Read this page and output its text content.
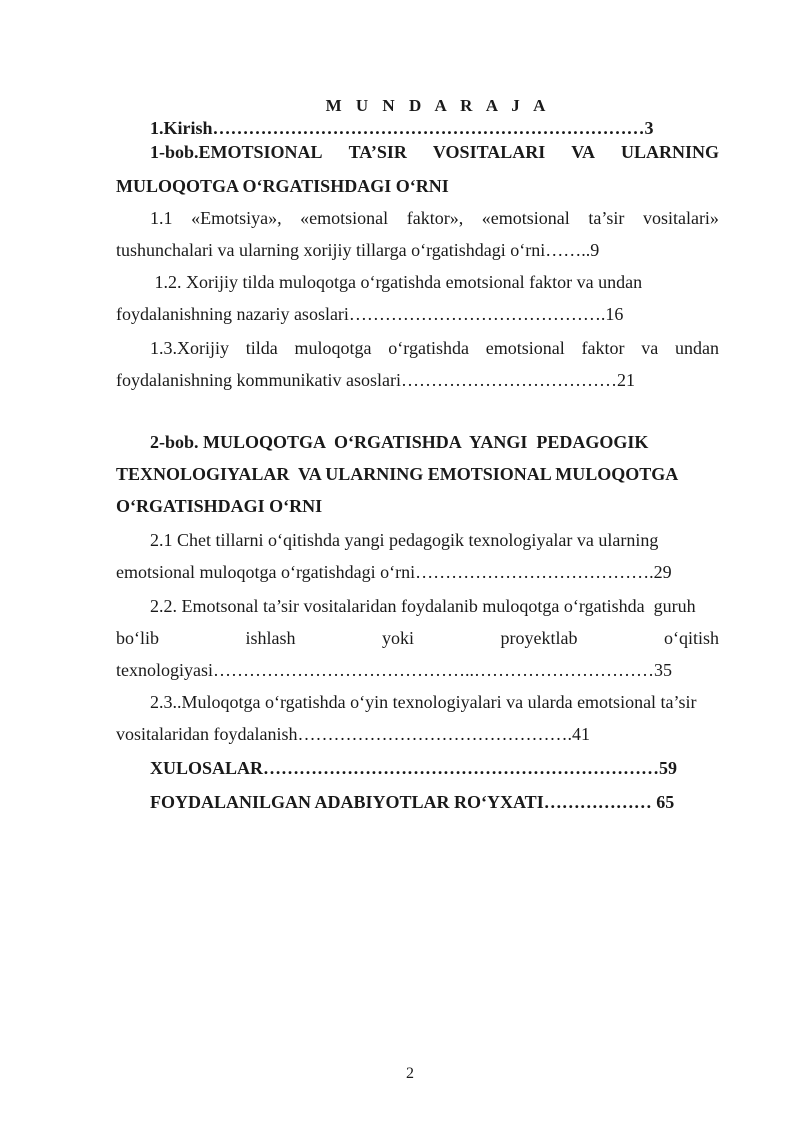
M U N D A R A J A
1.Kirish………………………………………………………………3
1-bob.EMOTSIONAL TA’SIR VOSITALARI VA ULARNING
MULOQOTGA O‘RGATISHDAGI O‘RNI
1.1 «Emotsiya», «emotsional faktor», «emotsional ta’sir vositalari»
tushunchalari va ularning xorijiy tillarga o‘rgatishdagi o‘rni……..9
1.2. Xorijiy tilda muloqotga o‘rgatishda emotsional faktor va undan
foydalanishning nazariy asoslari…………………………………….16
1.3.Xorijiy tilda muloqotga o‘rgatishda emotsional faktor va undan
foydalanishning kommunikativ asoslari………………………………21
2-bob. MULOQOTGA  O‘RGATISHDA  YANGI  PEDAGOGIK
TEXNOLOGIYALAR  VA ULARNING EMOTSIONAL MULOQOTGA
O‘RGATISHDAGI O‘RNI
2.1 Chet tillarni o‘qitishda yangi pedagogik texnologiyalar va ularning
emotsional muloqotga o‘rgatishdagi o‘rni………………………………….29
2.2. Emotsonal ta’sir vositalaridan foydalanib muloqotga o‘rgatishda  guruh
bo‘lib	ishlash	yoki	proyektlab	o‘qitish
texnologiyasi……………………………………..…………………………35
2.3..Muloqotga o‘rgatishda o‘yin texnologiyalari va ularda emotsional ta’sir
vositalaridan foydalanish……………………………………….41
XULOSALAR…………………………………………………………59
FOYDALANILGAN ADABIYOTLAR RO‘YXATI……………… 65
2
